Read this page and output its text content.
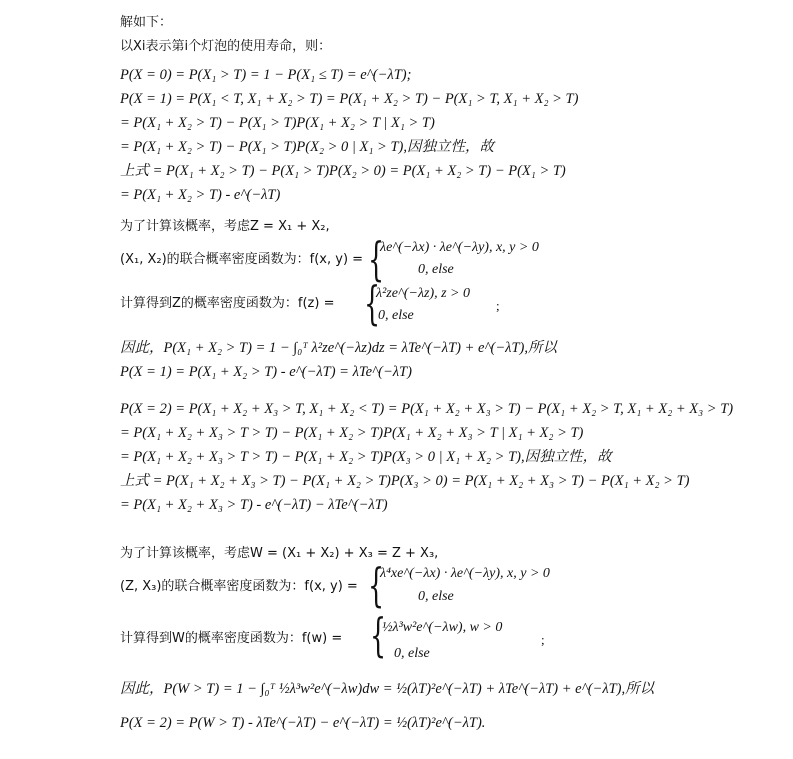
解如下：
以Xi表示第i个灯泡的使用寿命，则：
P(X = 0) = P(X₁ > T) = 1 − P(X₁ ≤ T) = e^(−λT);
P(X = 1) = P(X₁ < T, X₁ + X₂ > T) = P(X₁ + X₂ > T) − P(X₁ > T, X₁ + X₂ > T)
= P(X₁ + X₂ > T) − P(X₁ > T)P(X₁ + X₂ > T | X₁ > T)
= P(X₁ + X₂ > T) − P(X₁ > T)P(X₂ > 0 | X₁ > T),因独立性，故
上式 = P(X₁ + X₂ > T) − P(X₁ > T)P(X₂ > 0) = P(X₁ + X₂ > T) − P(X₁ > T)
= P(X₁ + X₂ > T) - e^(−λT)
为了计算该概率，考虑Z = X₁ + X₂,
(X₁, X₂)的联合概率密度函数为：f(x, y) = {
λe^(−λx) · λe^(−λy), x, y > 0
0, else
计算得到Z的概率密度函数为：f(z) = {
λ²ze^(−λz), z > 0
0, else
;
因此，P(X₁ + X₂ > T) = 1 − ∫₀ᵀ λ²ze^(−λz)dz = λTe^(−λT) + e^(−λT),所以
P(X = 1) = P(X₁ + X₂ > T) - e^(−λT) = λTe^(−λT)
P(X = 2) = P(X₁ + X₂ + X₃ > T, X₁ + X₂ < T) = P(X₁ + X₂ + X₃ > T) − P(X₁ + X₂ > T, X₁ + X₂ + X₃ > T)
= P(X₁ + X₂ + X₃ > T > T) − P(X₁ + X₂ > T)P(X₁ + X₂ + X₃ > T | X₁ + X₂ > T)
= P(X₁ + X₂ + X₃ > T > T) − P(X₁ + X₂ > T)P(X₃ > 0 | X₁ + X₂ > T),因独立性，故
上式 = P(X₁ + X₂ + X₃ > T) − P(X₁ + X₂ > T)P(X₃ > 0) = P(X₁ + X₂ + X₃ > T) − P(X₁ + X₂ > T)
= P(X₁ + X₂ + X₃ > T) - e^(−λT) − λTe^(−λT)
为了计算该概率，考虑W = (X₁ + X₂) + X₃ = Z + X₃,
(Z, X₃)的联合概率密度函数为：f(x, y) = {
λ⁴xe^(−λx) · λe^(−λy), x, y > 0
0, else
计算得到W的概率密度函数为：f(w) = {
½λ³w²e^(−λw), w > 0
0, else
;
因此，P(W > T) = 1 − ∫₀ᵀ ½λ³w²e^(−λw)dw = ½(λT)²e^(−λT) + λTe^(−λT) + e^(−λT),所以
P(X = 2) = P(W > T) - λTe^(−λT) − e^(−λT) = ½(λT)²e^(−λT).
